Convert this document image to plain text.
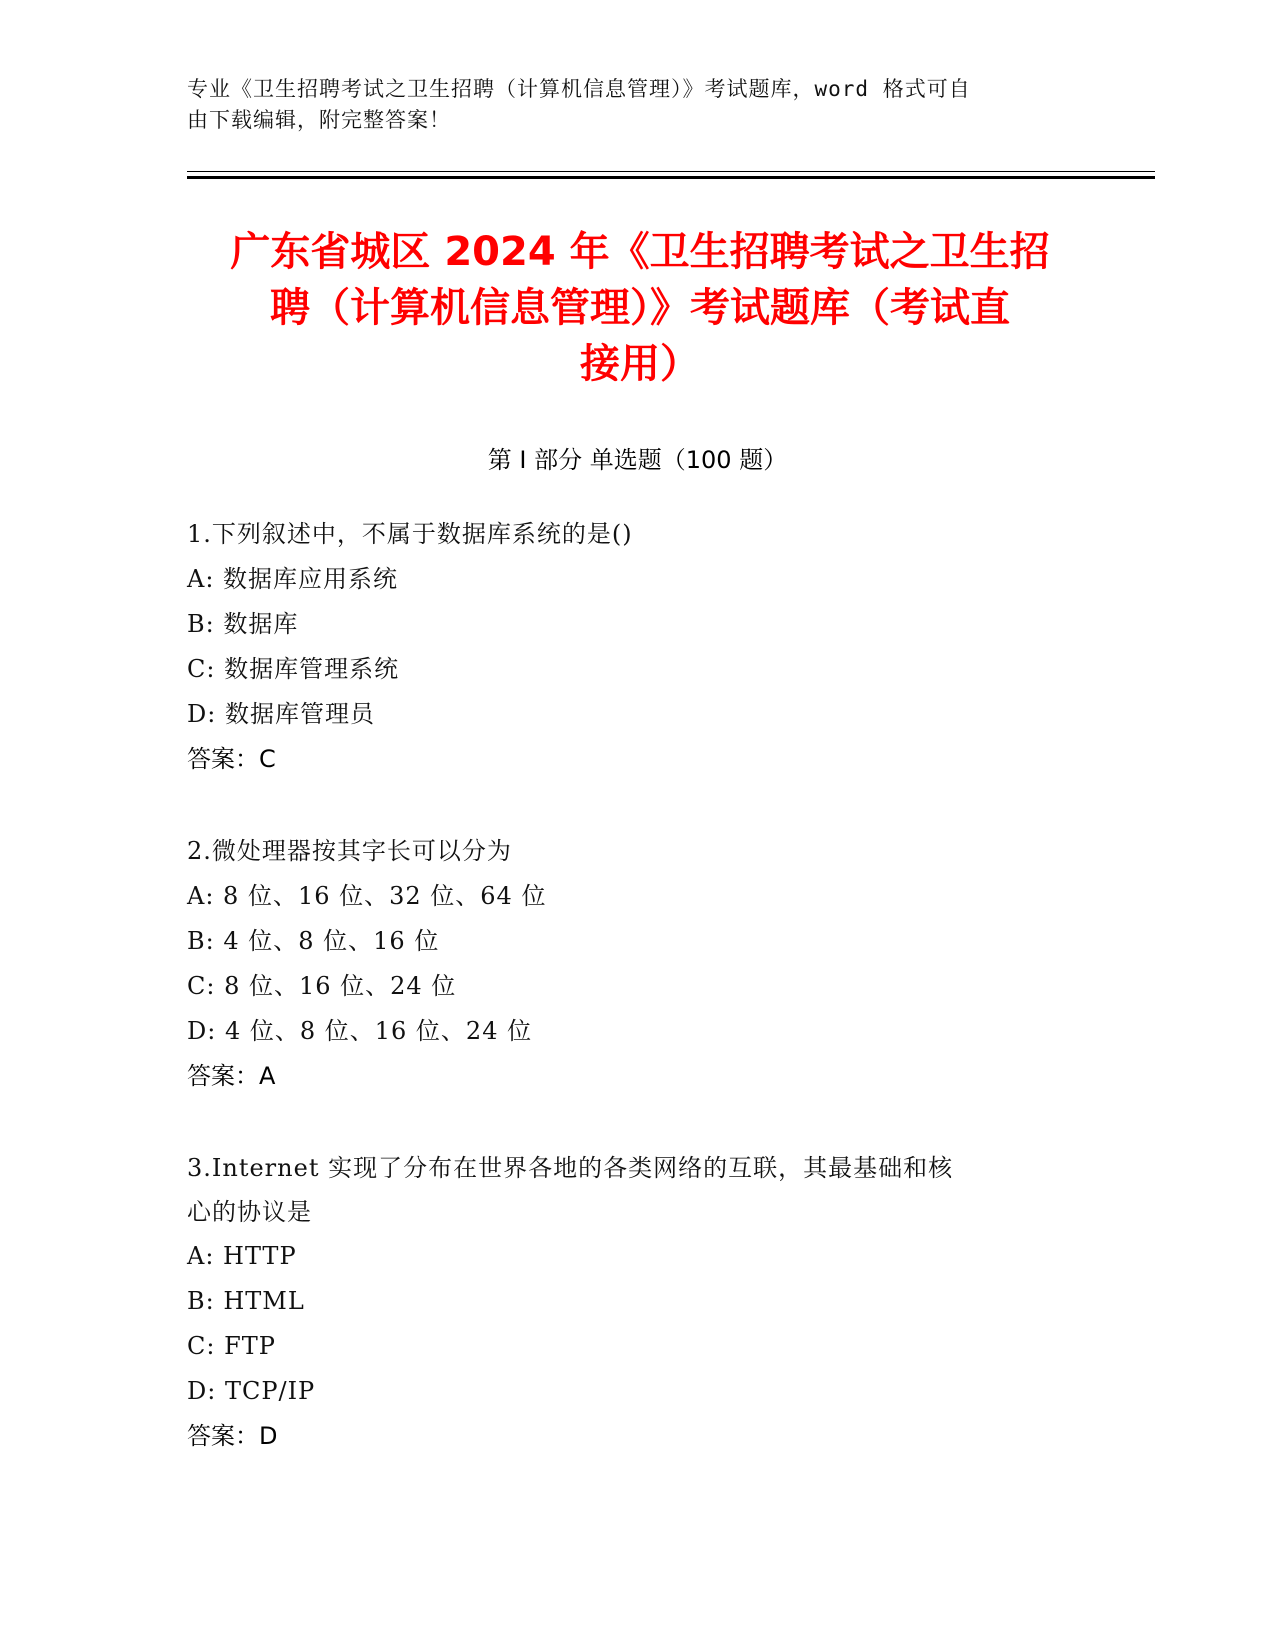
专业《卫生招聘考试之卫生招聘（计算机信息管理）》考试题库，word 格式可自
由下载编辑，附完整答案！
广东省城区 2024 年《卫生招聘考试之卫生招
聘（计算机信息管理）》考试题库（考试直
接用）
第 I 部分 单选题（100 题）
1.下列叙述中，不属于数据库系统的是()
A: 数据库应用系统
B: 数据库
C: 数据库管理系统
D: 数据库管理员
答案：C
2.微处理器按其字长可以分为
A: 8 位、16 位、32 位、64 位
B: 4 位、8 位、16 位
C: 8 位、16 位、24 位
D: 4 位、8 位、16 位、24 位
答案：A
3.Internet 实现了分布在世界各地的各类网络的互联，其最基础和核
心的协议是
A: HTTP
B: HTML
C: FTP
D: TCP/IP
答案：D
